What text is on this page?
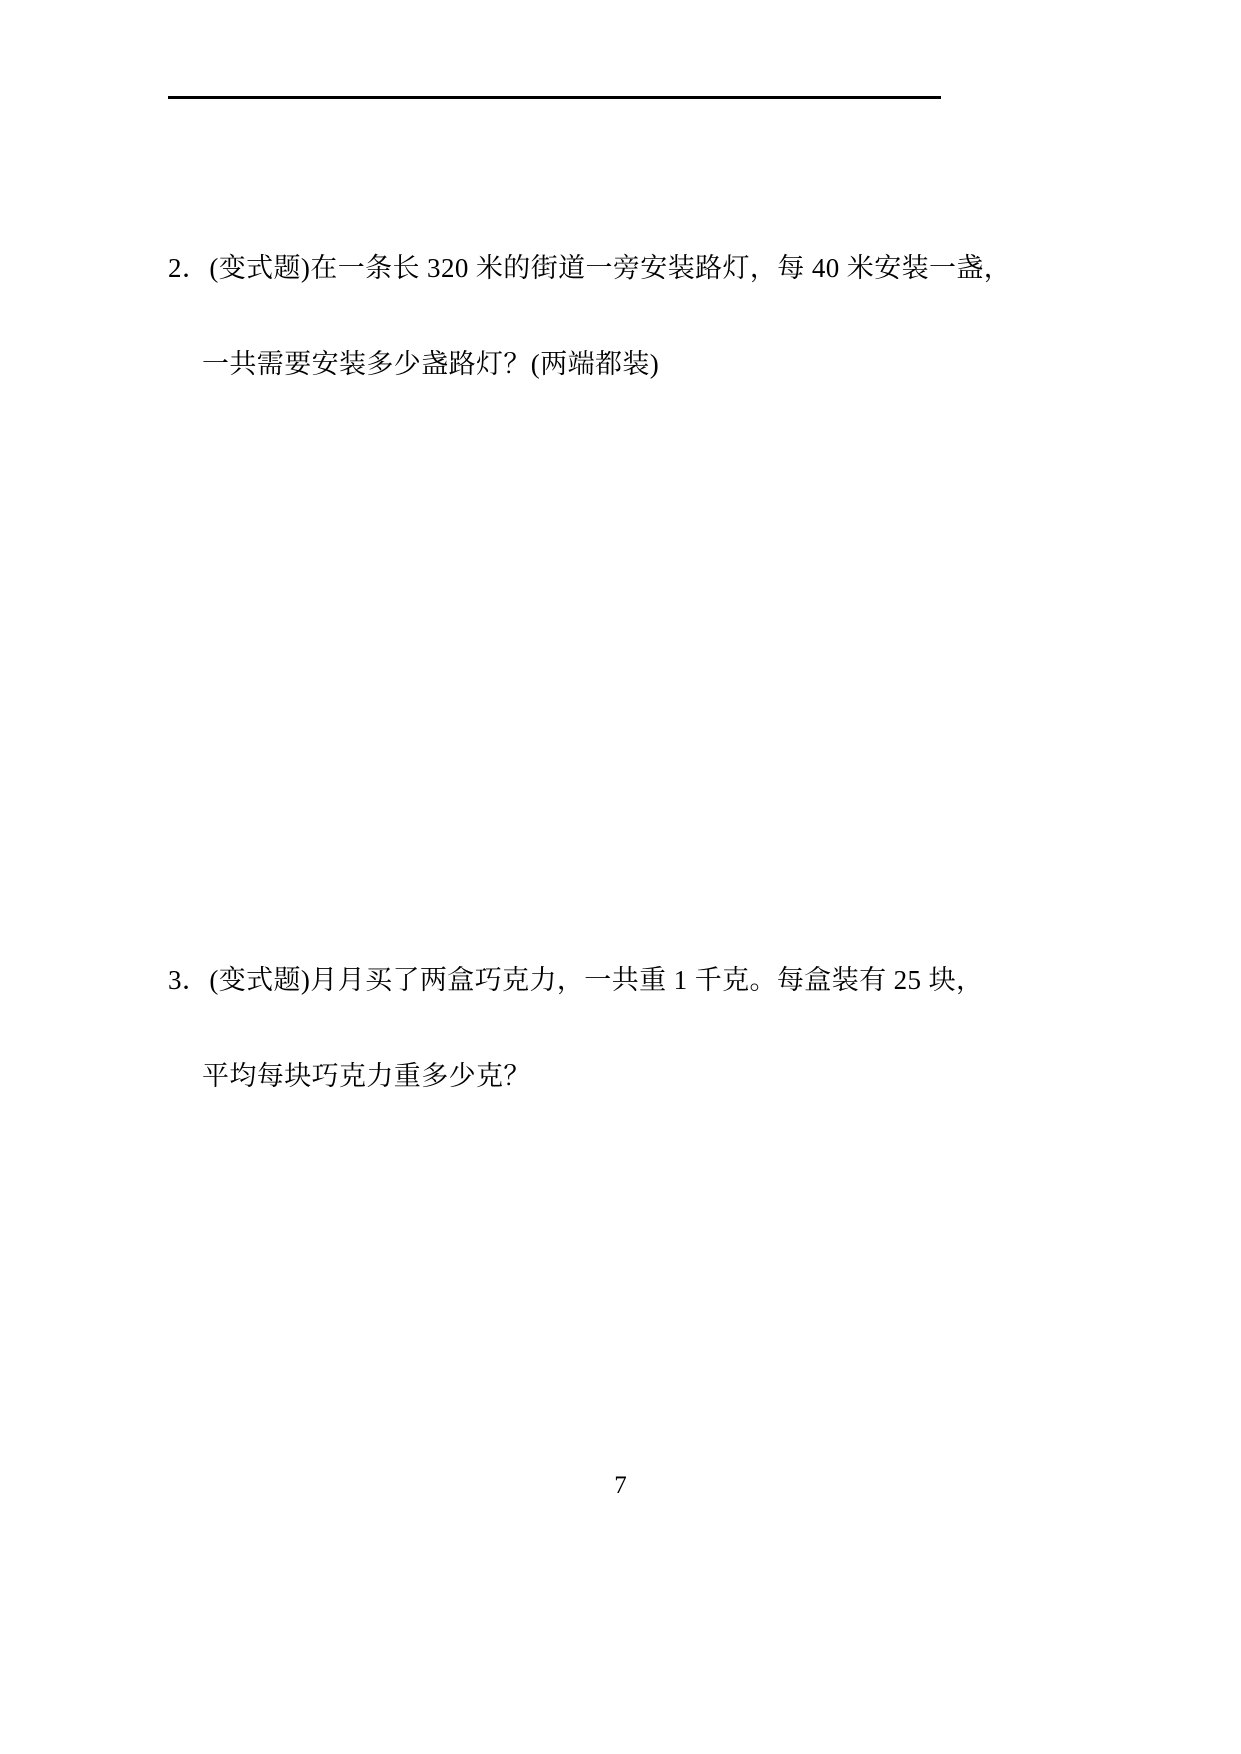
2．(变式题)在一条长 320 米的街道一旁安装路灯，每 40 米安装一盏，
一共需要安装多少盏路灯？(两端都装)
3．(变式题)月月买了两盒巧克力，一共重 1 千克。每盒装有 25 块，
平均每块巧克力重多少克？
7
